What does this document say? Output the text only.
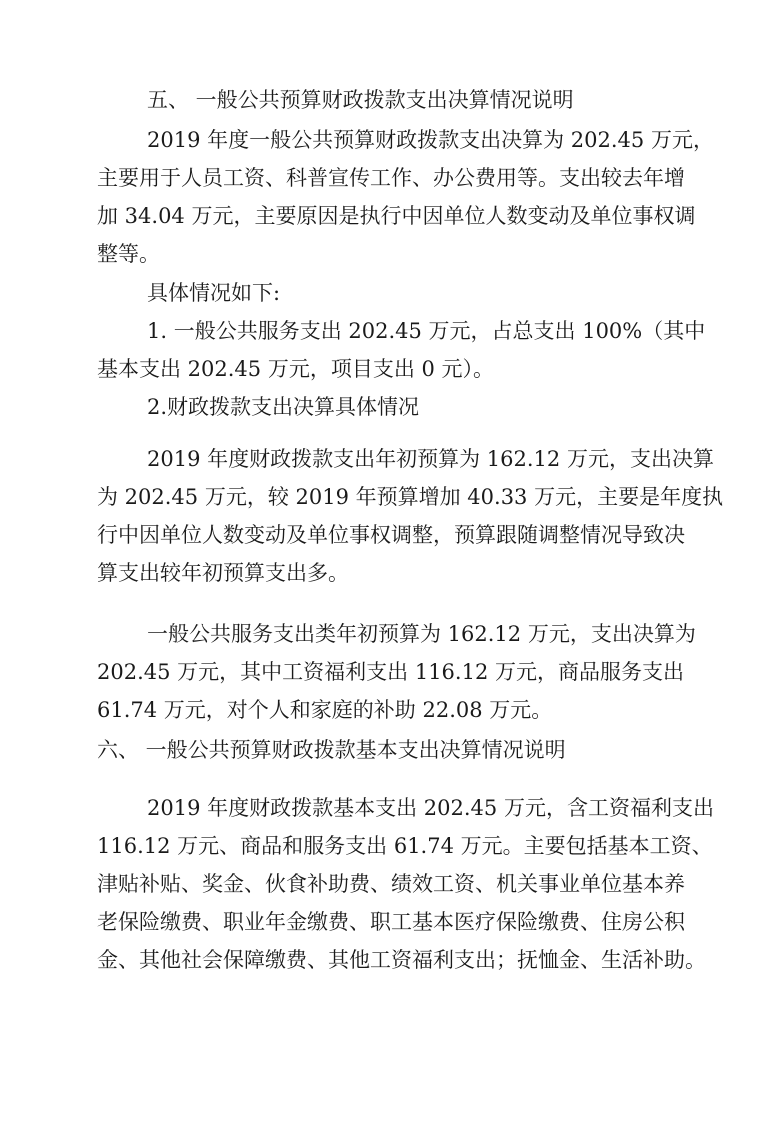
五、 一般公共预算财政拨款支出决算情况说明

2019 年度一般公共预算财政拨款支出决算为 202.45 万元，

主要用于人员工资、科普宣传工作、办公费用等。支出较去年增

加 34.04 万元，主要原因是执行中因单位人数变动及单位事权调

整等。

具体情况如下:

1. 一般公共服务支出 202.45 万元，占总支出 100%（其中

基本支出 202.45 万元，项目支出 0 元）。

2.财政拨款支出决算具体情况

2019 年度财政拨款支出年初预算为 162.12 万元，支出决算

为 202.45 万元，较 2019 年预算增加 40.33 万元，主要是年度执

行中因单位人数变动及单位事权调整，预算跟随调整情况导致决

算支出较年初预算支出多。

一般公共服务支出类年初预算为 162.12 万元，支出决算为

202.45 万元，其中工资福利支出 116.12 万元，商品服务支出

61.74 万元，对个人和家庭的补助 22.08 万元。

六、 一般公共预算财政拨款基本支出决算情况说明

2019 年度财政拨款基本支出 202.45 万元，含工资福利支出

116.12 万元、商品和服务支出 61.74 万元。主要包括基本工资、

津贴补贴、奖金、伙食补助费、绩效工资、机关事业单位基本养

老保险缴费、职业年金缴费、职工基本医疗保险缴费、住房公积

金、其他社会保障缴费、其他工资福利支出；抚恤金、生活补助。
